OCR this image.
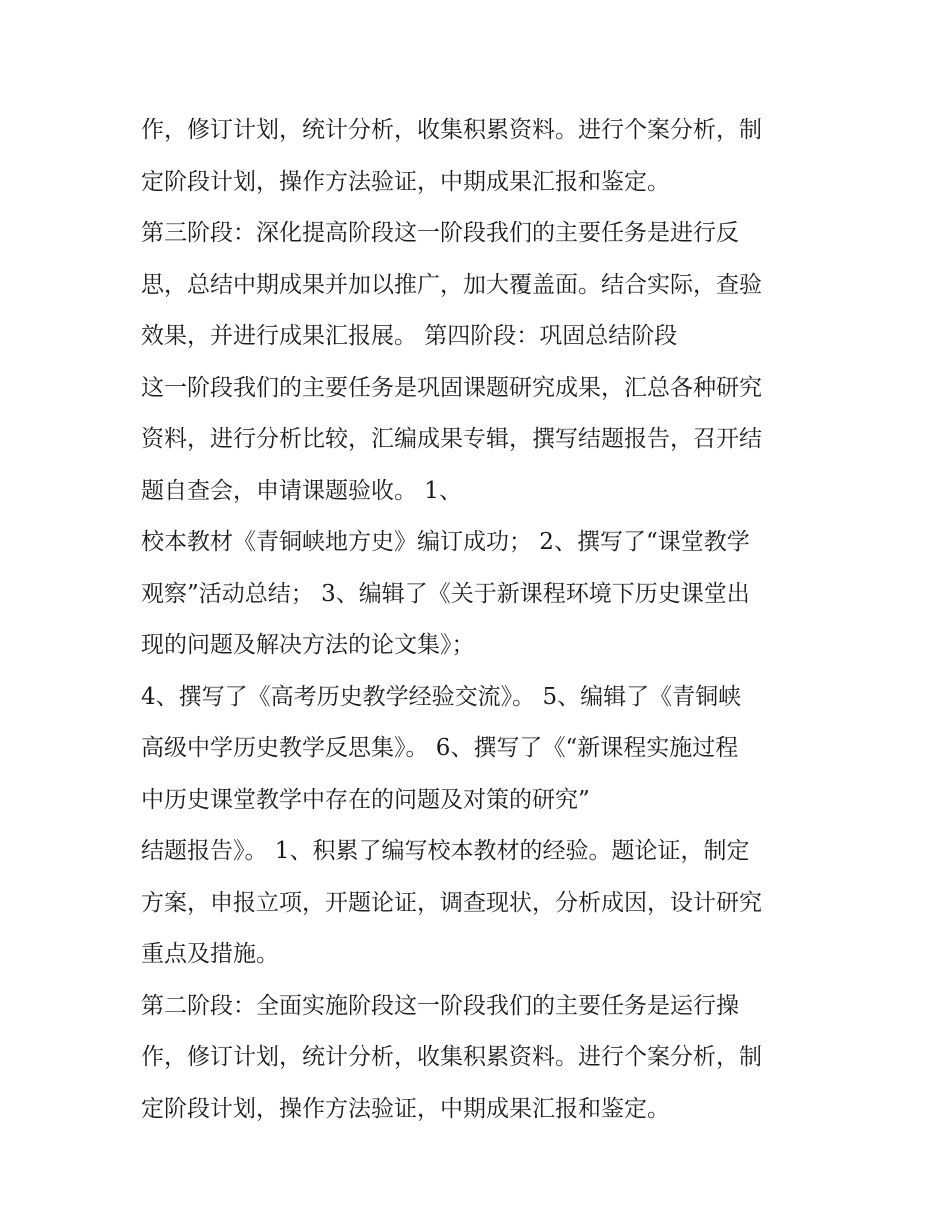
作，修订计划，统计分析，收集积累资料。进行个案分析，制
定阶段计划，操作方法验证，中期成果汇报和鉴定。
第三阶段：深化提高阶段这一阶段我们的主要任务是进行反
思，总结中期成果并加以推广，加大覆盖面。结合实际，查验
效果，并进行成果汇报展。 第四阶段：巩固总结阶段
这一阶段我们的主要任务是巩固课题研究成果，汇总各种研究
资料，进行分析比较，汇编成果专辑，撰写结题报告，召开结
题自查会，申请课题验收。 1、
校本教材《青铜峡地方史》编订成功； 2、撰写了“课堂教学
观察”活动总结； 3、编辑了《关于新课程环境下历史课堂出
现的问题及解决方法的论文集》；
4、撰写了《高考历史教学经验交流》。 5、编辑了《青铜峡
高级中学历史教学反思集》。 6、撰写了《“新课程实施过程
中历史课堂教学中存在的问题及对策的研究”
结题报告》。 1、积累了编写校本教材的经验。题论证，制定
方案，申报立项，开题论证，调查现状，分析成因，设计研究
重点及措施。
第二阶段：全面实施阶段这一阶段我们的主要任务是运行操
作，修订计划，统计分析，收集积累资料。进行个案分析，制
定阶段计划，操作方法验证，中期成果汇报和鉴定。
